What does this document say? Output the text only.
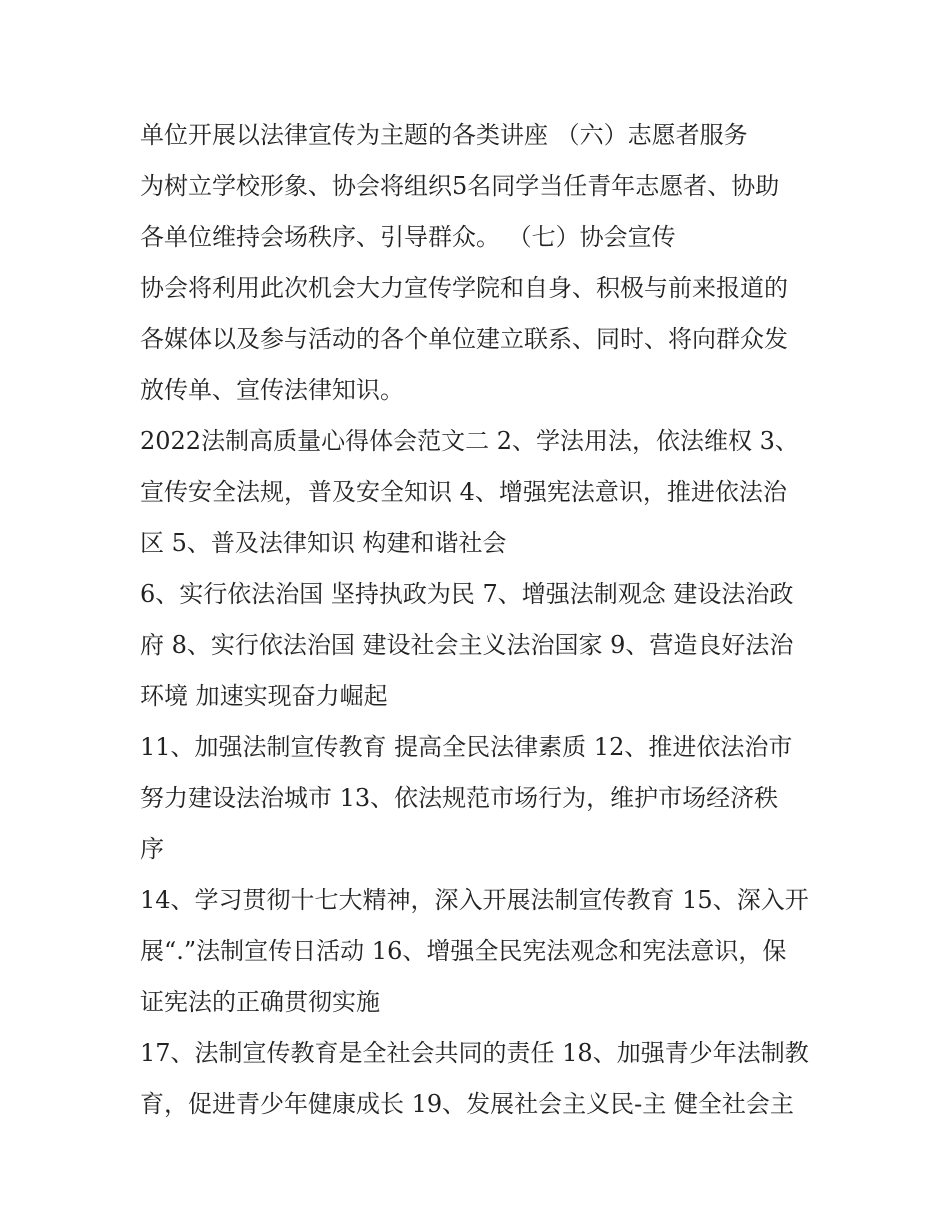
单位开展以法律宣传为主题的各类讲座 （六）志愿者服务
为树立学校形象、协会将组织5名同学当任青年志愿者、协助
各单位维持会场秩序、引导群众。 （七）协会宣传
协会将利用此次机会大力宣传学院和自身、积极与前来报道的
各媒体以及参与活动的各个单位建立联系、同时、将向群众发
放传单、宣传法律知识。
2022法制高质量心得体会范文二 2、学法用法，依法维权 3、
宣传安全法规，普及安全知识 4、增强宪法意识，推进依法治
区 5、普及法律知识 构建和谐社会
6、实行依法治国 坚持执政为民 7、增强法制观念 建设法治政
府 8、实行依法治国 建设社会主义法治国家 9、营造良好法治
环境 加速实现奋力崛起
11、加强法制宣传教育 提高全民法律素质 12、推进依法治市
努力建设法治城市 13、依法规范市场行为，维护市场经济秩
序
14、学习贯彻十七大精神，深入开展法制宣传教育 15、深入开
展“.”法制宣传日活动 16、增强全民宪法观念和宪法意识，保
证宪法的正确贯彻实施
17、法制宣传教育是全社会共同的责任 18、加强青少年法制教
育，促进青少年健康成长 19、发展社会主义民-主 健全社会主
